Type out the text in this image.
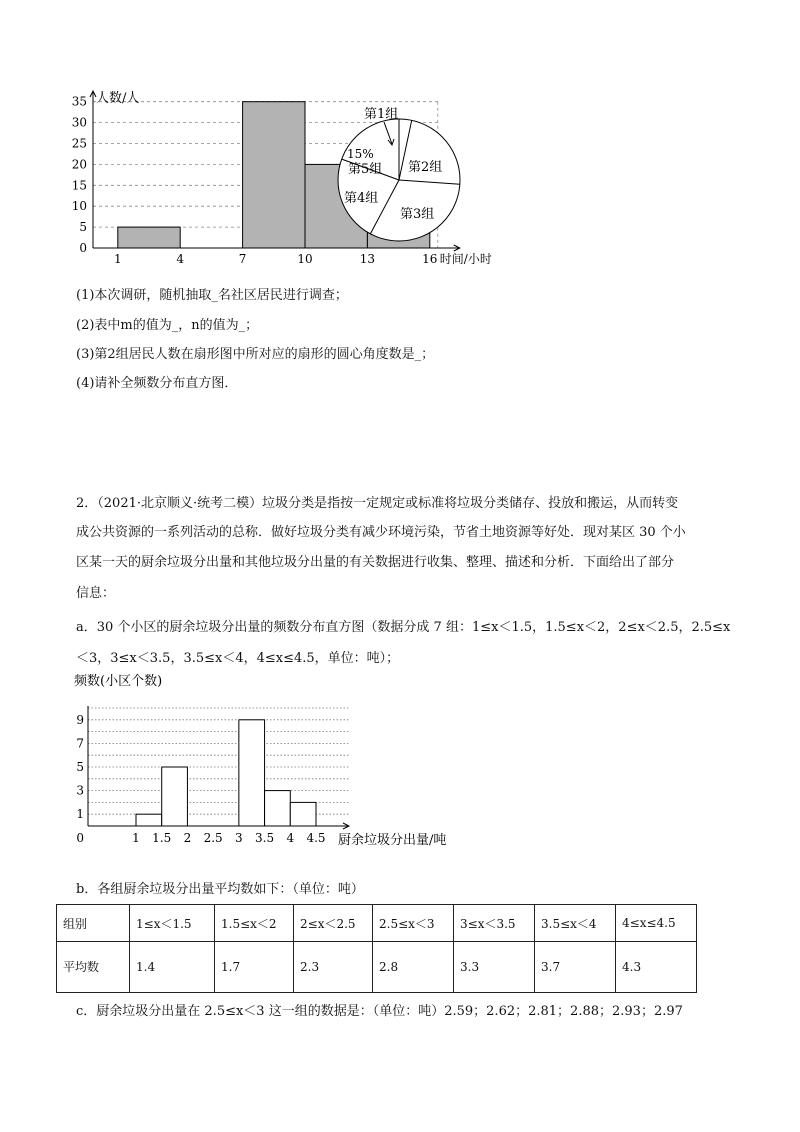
0
5
10
15
20
25
30
35
1	4	7	10	13	16 时间/小时
人数/人
第1组
第2组
第3组
第4组
15%
第5组
(1)本次调研，随机抽取_名社区居民进行调查；
(2)表中m的值为_，n的值为_；
(3)第2组居民人数在扇形图中所对应的扇形的圆心角度数是_；
(4)请补全频数分布直方图．
2．（2021·北京顺义·统考二模）垃圾分类是指按一定规定或标准将垃圾分类储存、投放和搬运，从而转变
成公共资源的一系列活动的总称．做好垃圾分类有减少环境污染，节省土地资源等好处．现对某区 30 个小
区某一天的厨余垃圾分出量和其他垃圾分出量的有关数据进行收集、整理、描述和分析．下面给出了部分
信息：
a．30 个小区的厨余垃圾分出量的频数分布直方图（数据分成 7 组：1≤x＜1.5，1.5≤x＜2，2≤x＜2.5，2.5≤x
＜3，3≤x＜3.5，3.5≤x＜4，4≤x≤4.5，单位：吨）；
1
3
5
7
9
0	1 1.5 2 2.5 3 3.5 4 4.5 厨余垃圾分出量/吨
频数(小区个数)
b．各组厨余垃圾分出量平均数如下：（单位：吨）
组别	1≤x＜1.5	1.5≤x＜2	2≤x＜2.5	2.5≤x＜3	3≤x＜3.5	3.5≤x＜4	4≤x≤4.5
平均数	1.4	1.7	2.3	2.8	3.3	3.7	4.3
c．厨余垃圾分出量在 2.5≤x＜3 这一组的数据是：（单位：吨）2.59；2.62；2.81；2.88；2.93；2.97
